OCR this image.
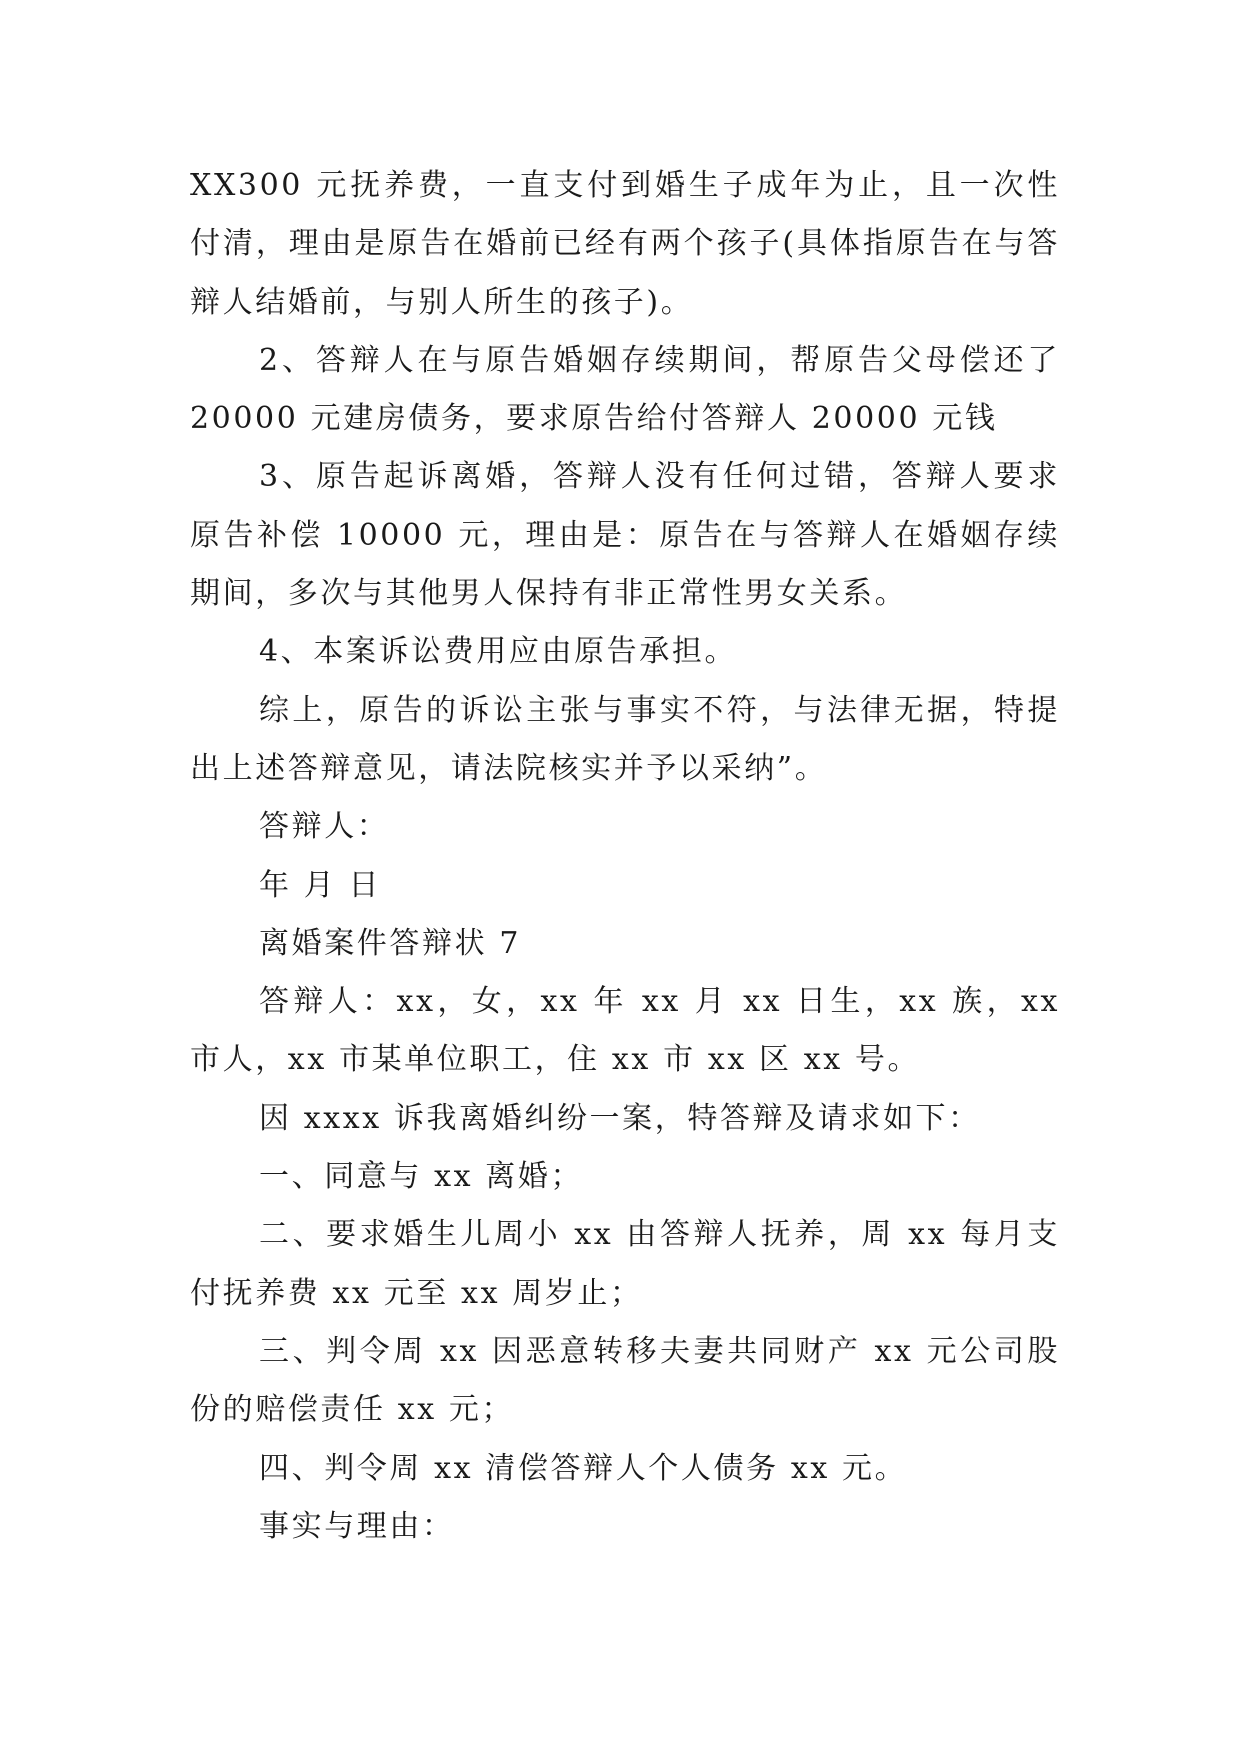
XX300 元抚养费，一直支付到婚生子成年为止，且一次性付清，理由是原告在婚前已经有两个孩子(具体指原告在与答辩人结婚前，与别人所生的孩子)。

2、答辩人在与原告婚姻存续期间，帮原告父母偿还了20000 元建房债务，要求原告给付答辩人 20000 元钱

3、原告起诉离婚，答辩人没有任何过错，答辩人要求原告补偿 10000 元，理由是：原告在与答辩人在婚姻存续期间，多次与其他男人保持有非正常性男女关系。

4、本案诉讼费用应由原告承担。

综上，原告的诉讼主张与事实不符，与法律无据，特提出上述答辩意见，请法院核实并予以采纳”。

答辩人：

年 月 日

离婚案件答辩状 7

答辩人：xx，女，xx 年 xx 月 xx 日生，xx 族，xx 市人，xx 市某单位职工，住 xx 市 xx 区 xx 号。

因 xxxx 诉我离婚纠纷一案，特答辩及请求如下：

一、同意与 xx 离婚；

二、要求婚生儿周小 xx 由答辩人抚养，周 xx 每月支付抚养费 xx 元至 xx 周岁止；

三、判令周 xx 因恶意转移夫妻共同财产 xx 元公司股份的赔偿责任 xx 元；

四、判令周 xx 清偿答辩人个人债务 xx 元。

事实与理由：
